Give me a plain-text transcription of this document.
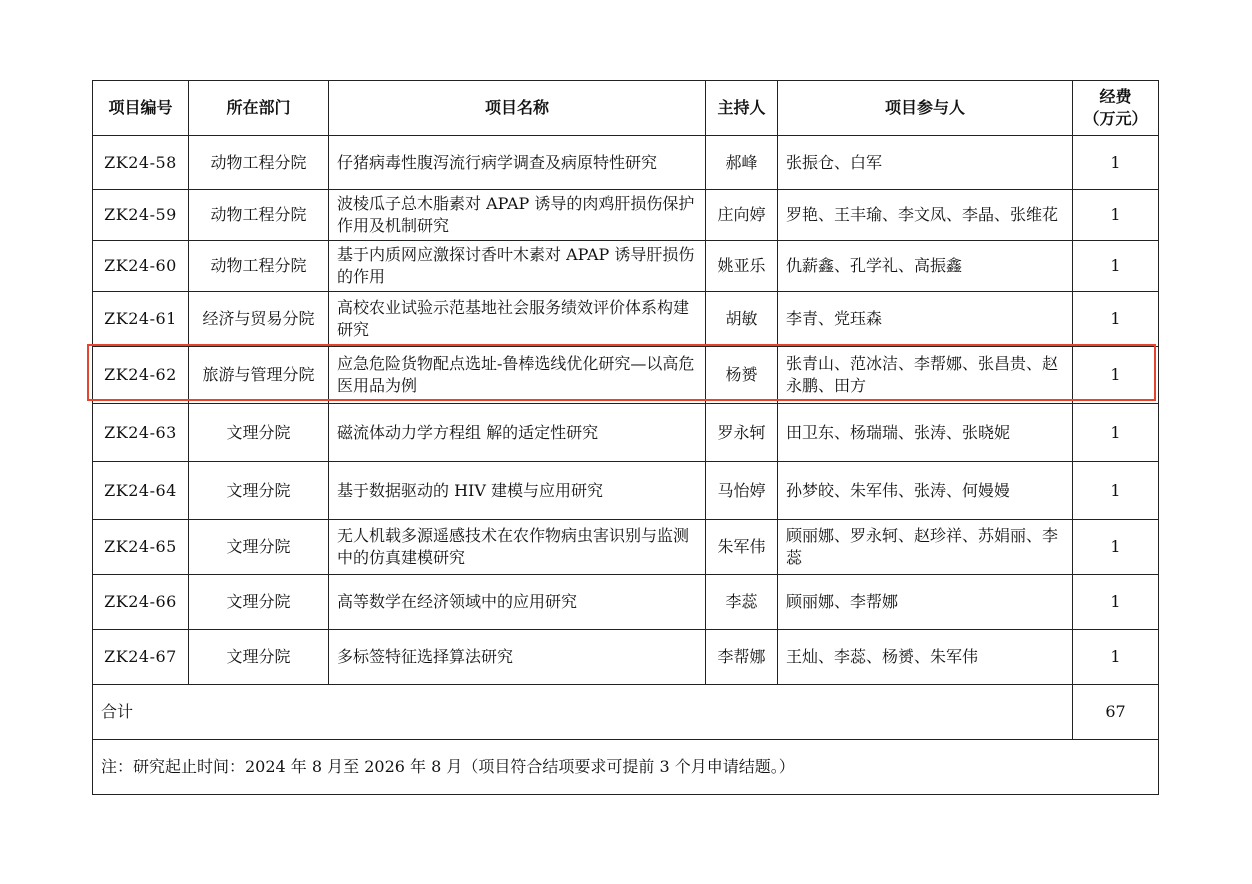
项目编号	所在部门	项目名称	主持人	项目参与人	经费
（万元）
ZK24-58	动物工程分院	仔猪病毒性腹泻流行病学调查及病原特性研究	郝峰	张振仓、白军	1
ZK24-59	动物工程分院	波棱瓜子总木脂素对 APAP 诱导的肉鸡肝损伤保护作用及机制研究	庄向婷	罗艳、王丰瑜、李文凤、李晶、张维花	1
ZK24-60	动物工程分院	基于内质网应激探讨香叶木素对 APAP 诱导肝损伤的作用	姚亚乐	仇薪鑫、孔学礼、高振鑫	1
ZK24-61	经济与贸易分院	高校农业试验示范基地社会服务绩效评价体系构建研究	胡敏	李青、党珏森	1
ZK24-62	旅游与管理分院	应急危险货物配点选址-鲁棒选线优化研究—以高危医用品为例	杨赟	张青山、范冰洁、李帮娜、张昌贵、赵永鹏、田方	1
ZK24-63	文理分院	磁流体动力学方程组 解的适定性研究	罗永轲	田卫东、杨瑞瑞、张涛、张晓妮	1
ZK24-64	文理分院	基于数据驱动的 HIV 建模与应用研究	马怡婷	孙梦皎、朱军伟、张涛、何嫚嫚	1
ZK24-65	文理分院	无人机载多源遥感技术在农作物病虫害识别与监测中的仿真建模研究	朱军伟	顾丽娜、罗永轲、赵珍祥、苏娟丽、李蕊	1
ZK24-66	文理分院	高等数学在经济领域中的应用研究	李蕊	顾丽娜、李帮娜	1
ZK24-67	文理分院	多标签特征选择算法研究	李帮娜	王灿、李蕊、杨赟、朱军伟	1
合计					67
注：研究起止时间：2024 年 8 月至 2026 年 8 月（项目符合结项要求可提前 3 个月申请结题。）					
